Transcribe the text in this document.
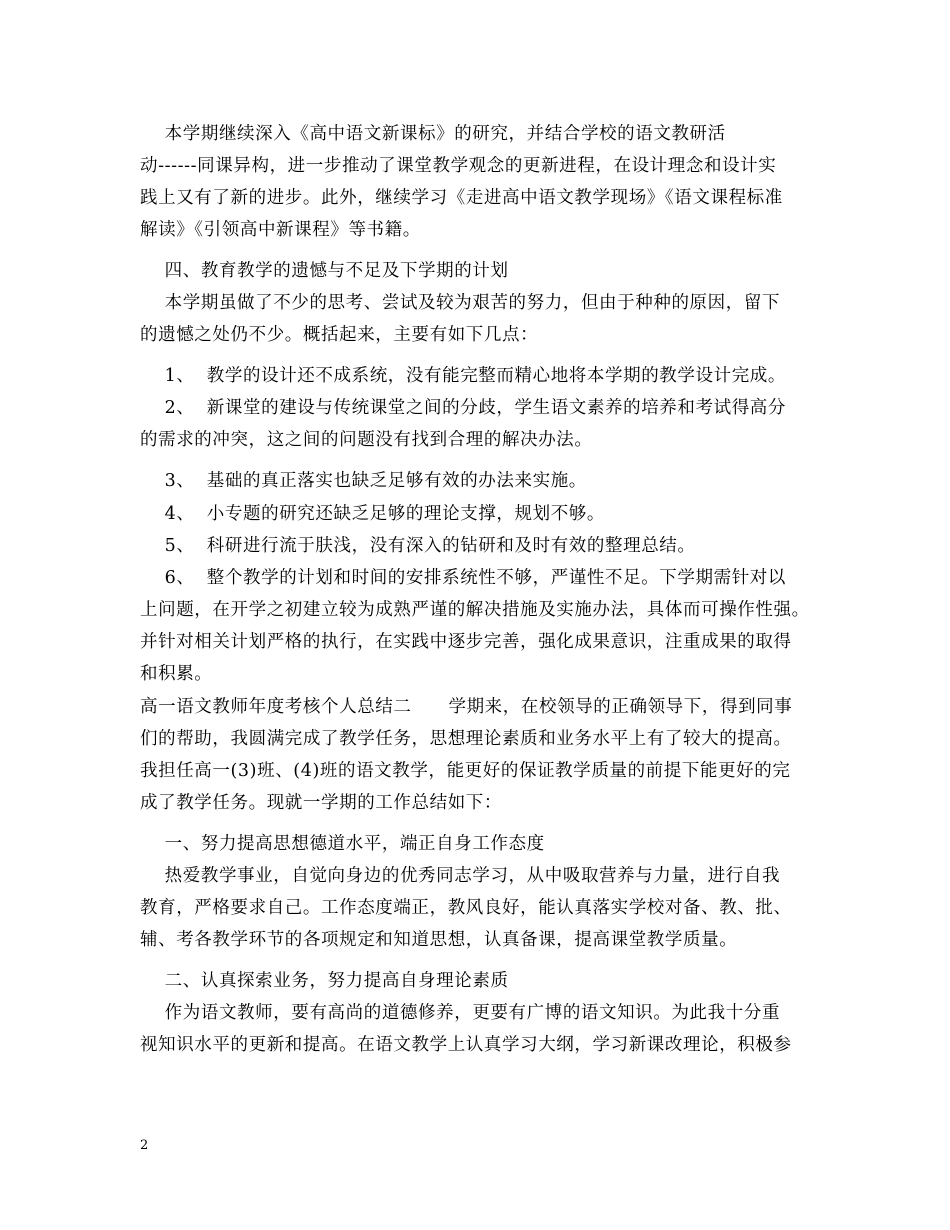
本学期继续深入《高中语文新课标》的研究，并结合学校的语文教研活
动------同课异构，进一步推动了课堂教学观念的更新进程，在设计理念和设计实
践上又有了新的进步。此外，继续学习《走进高中语文教学现场》《语文课程标准
解读》《引领高中新课程》等书籍。
四、教育教学的遗憾与不足及下学期的计划
本学期虽做了不少的思考、尝试及较为艰苦的努力，但由于种种的原因，留下
的遗憾之处仍不少。概括起来，主要有如下几点：
1、  教学的设计还不成系统，没有能完整而精心地将本学期的教学设计完成。
2、  新课堂的建设与传统课堂之间的分歧，学生语文素养的培养和考试得高分
的需求的冲突，这之间的问题没有找到合理的解决办法。
3、  基础的真正落实也缺乏足够有效的办法来实施。
4、  小专题的研究还缺乏足够的理论支撑，规划不够。
5、  科研进行流于肤浅，没有深入的钻研和及时有效的整理总结。
6、  整个教学的计划和时间的安排系统性不够，严谨性不足。下学期需针对以
上问题，在开学之初建立较为成熟严谨的解决措施及实施办法，具体而可操作性强。
并针对相关计划严格的执行，在实践中逐步完善，强化成果意识，注重成果的取得
和积累。
高一语文教师年度考核个人总结二      学期来，在校领导的正确领导下，得到同事
们的帮助，我圆满完成了教学任务，思想理论素质和业务水平上有了较大的提高。
我担任高一(3)班、(4)班的语文教学，能更好的保证教学质量的前提下能更好的完
成了教学任务。现就一学期的工作总结如下：
一、努力提高思想德道水平，端正自身工作态度
热爱教学事业，自觉向身边的优秀同志学习，从中吸取营养与力量，进行自我
教育，严格要求自己。工作态度端正，教风良好，能认真落实学校对备、教、批、
辅、考各教学环节的各项规定和知道思想，认真备课，提高课堂教学质量。
二、认真探索业务，努力提高自身理论素质
作为语文教师，要有高尚的道德修养，更要有广博的语文知识。为此我十分重
视知识水平的更新和提高。在语文教学上认真学习大纲，学习新课改理论，积极参
2
